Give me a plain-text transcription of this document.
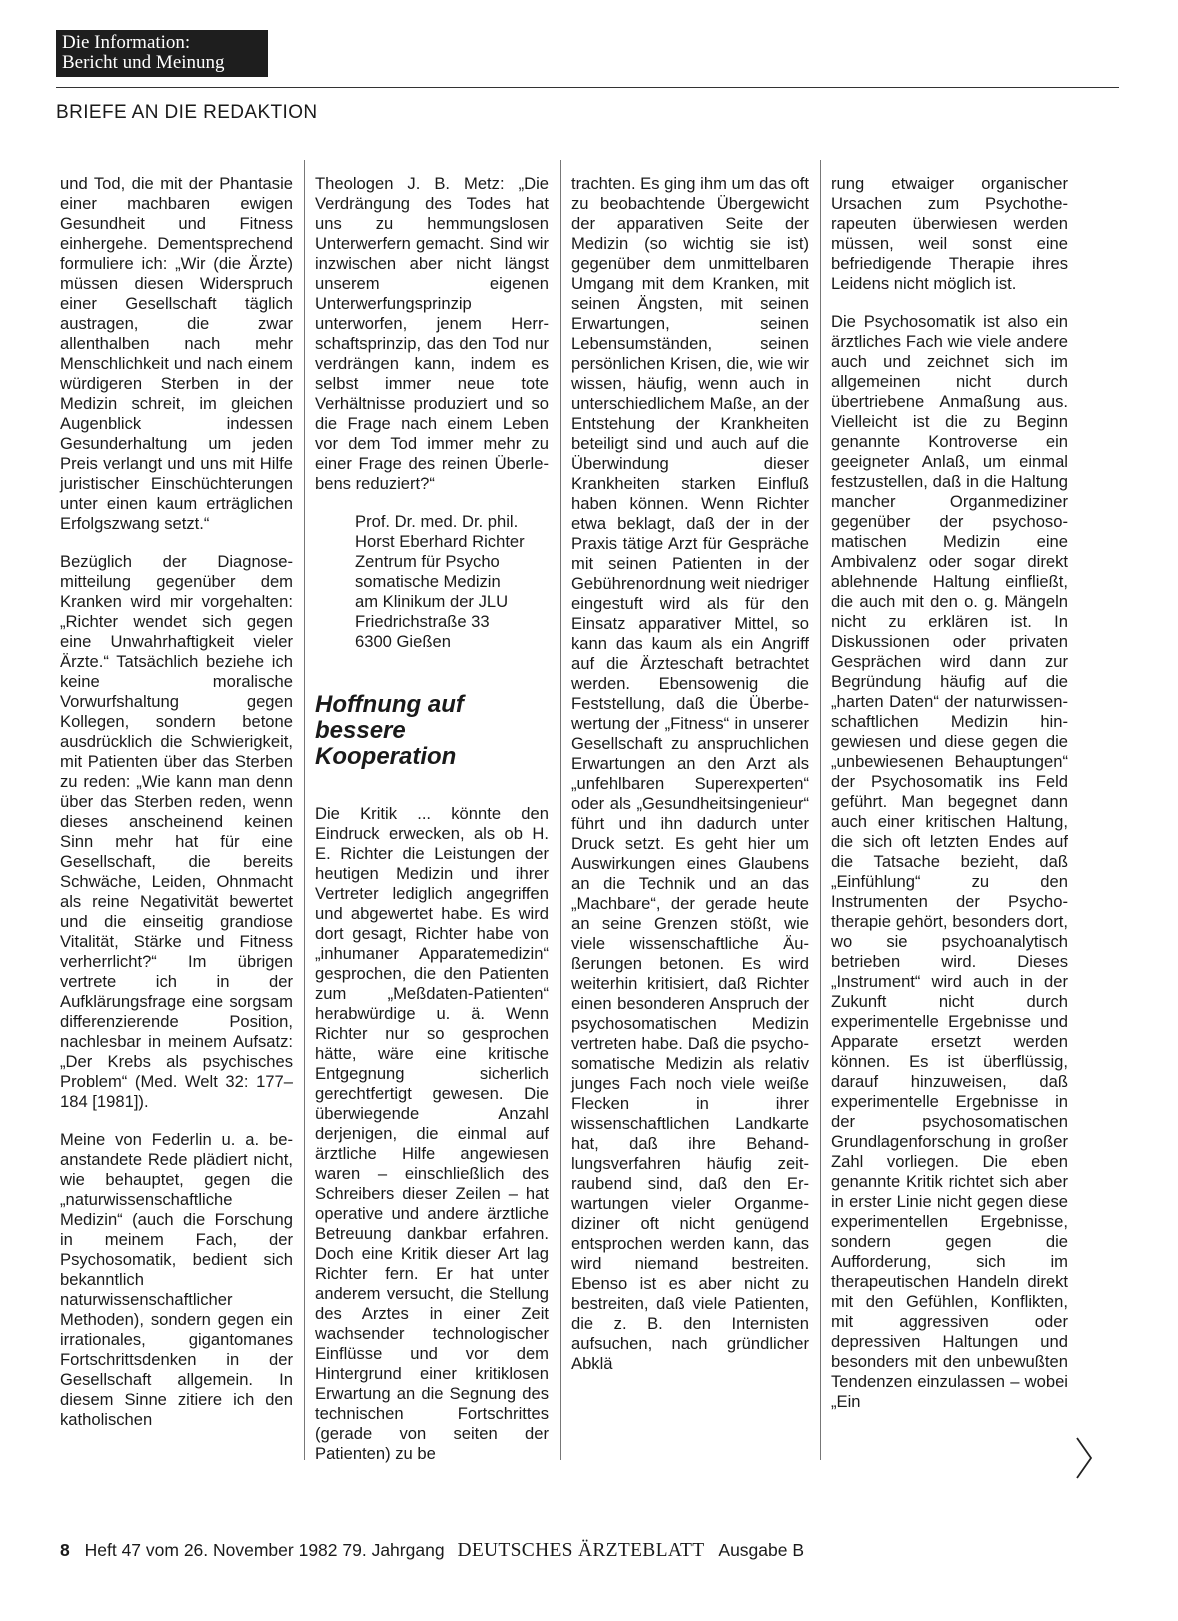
Die Information:
Bericht und Meinung
BRIEFE AN DIE REDAKTION

und Tod, die mit der Phantasie einer machbaren ewigen Gesundheit und Fitness einhergehe. Dementsprechend formuliere ich: „Wir (die Ärzte) müssen diesen Widerspruch einer Gesellschaft täglich austragen, die zwar allenthalben nach mehr Menschlichkeit und nach einem würdigeren Sterben in der Medizin schreit, im gleichen Augenblick indessen Gesunderhaltung um jeden Preis verlangt und uns mit Hilfe juristischer Einschüchterungen unter einen kaum erträglichen Erfolgszwang setzt.“

Bezüglich der Diagnosemitteilung gegenüber dem Kranken wird mir vorgehalten: „Richter wendet sich gegen eine Unwahrhaftigkeit vieler Ärzte.“ Tatsächlich beziehe ich keine moralische Vorwurfshaltung gegen Kollegen, sondern betone ausdrücklich die Schwierigkeit, mit Patienten über das Sterben zu reden: „Wie kann man denn über das Sterben reden, wenn dieses anscheinend keinen Sinn mehr hat für eine Gesellschaft, die bereits Schwäche, Leiden, Ohnmacht als reine Negativität bewertet und die einseitig grandiose Vitalität, Stärke und Fitness verherrlicht?“ Im übrigen vertrete ich in der Aufklärungsfrage eine sorgsam differenzierende Position, nachlesbar in meinem Aufsatz: „Der Krebs als psychisches Problem“ (Med. Welt 32: 177–184 [1981]).

Meine von Federlin u. a. beanstandete Rede plädiert nicht, wie behauptet, gegen die „naturwissenschaftliche Medizin“ (auch die Forschung in meinem Fach, der Psychosomatik, bedient sich bekanntlich naturwissenschaftlicher Methoden), sondern gegen ein irrationales, gigantomanes Fortschrittsdenken in der Gesellschaft allgemein. In diesem Sinne zitiere ich den katholischen

Theologen J. B. Metz: „Die Verdrängung des Todes hat uns zu hemmungslosen Unterwerfern gemacht. Sind wir inzwischen aber nicht längst unserem eigenen Unterwerfungsprinzip unterworfen, jenem Herrschaftsprinzip, das den Tod nur verdrängen kann, indem es selbst immer neue tote Verhältnisse produziert und so die Frage nach einem Leben vor dem Tod immer mehr zu einer Frage des reinen Überlebens reduziert?“

Prof. Dr. med. Dr. phil.
Horst Eberhard Richter
Zentrum für Psycho
somatische Medizin
am Klinikum der JLU
Friedrichstraße 33
6300 Gießen
Hoffnung auf
bessere
Kooperation

Die Kritik ... könnte den Eindruck erwecken, als ob H. E. Richter die Leistungen der heutigen Medizin und ihrer Vertreter lediglich angegriffen und abgewertet habe. Es wird dort gesagt, Richter habe von „inhumaner Apparatemedizin“ gesprochen, die den Patienten zum „Meßdaten-Patienten“ herabwürdige u. ä. Wenn Richter nur so gesprochen hätte, wäre eine kritische Entgegnung sicherlich gerechtfertigt gewesen. Die überwiegende Anzahl derjenigen, die einmal auf ärztliche Hilfe angewiesen waren – einschließlich des Schreibers dieser Zeilen – hat operative und andere ärztliche Betreuung dankbar erfahren. Doch eine Kritik dieser Art lag Richter fern. Er hat unter anderem versucht, die Stellung des Arztes in einer Zeit wachsender technologischer Einflüsse und vor dem Hintergrund einer kritiklosen Erwartung an die Segnung des technischen Fortschrittes (gerade von seiten der Patienten) zu be

trachten. Es ging ihm um das oft zu beobachtende Übergewicht der apparativen Seite der Medizin (so wichtig sie ist) gegenüber dem unmittelbaren Umgang mit dem Kranken, mit seinen Ängsten, mit seinen Erwartungen, seinen Lebensumständen, seinen persönlichen Krisen, die, wie wir wissen, häufig, wenn auch in unterschiedlichem Maße, an der Entstehung der Krankheiten beteiligt sind und auch auf die Überwindung dieser Krankheiten starken Einfluß haben können. Wenn Richter etwa beklagt, daß der in der Praxis tätige Arzt für Gespräche mit seinen Patienten in der Gebührenordnung weit niedriger eingestuft wird als für den Einsatz apparativer Mittel, so kann das kaum als ein Angriff auf die Ärzteschaft betrachtet werden. Ebensowenig die Feststellung, daß die Überbewertung der „Fitness“ in unserer Gesellschaft zu anspruchlichen Erwartungen an den Arzt als „unfehlbaren Superexperten“ oder als „Gesundheitsingenieur“ führt und ihn dadurch unter Druck setzt. Es geht hier um Auswirkungen eines Glaubens an die Technik und an das „Machbare“, der gerade heute an seine Grenzen stößt, wie viele wissenschaftliche Äußerungen betonen. Es wird weiterhin kritisiert, daß Richter einen besonderen Anspruch der psychosomatischen Medizin vertreten habe. Daß die psychosomatische Medizin als relativ junges Fach noch viele weiße Flecken in ihrer wissenschaftlichen Landkarte hat, daß ihre Behandlungsverfahren häufig zeitraubend sind, daß den Erwartungen vieler Organmediziner oft nicht genügend entsprochen werden kann, das wird niemand bestreiten. Ebenso ist es aber nicht zu bestreiten, daß viele Patienten, die z. B. den Internisten aufsuchen, nach gründlicher Abklä

rung etwaiger organischer Ursachen zum Psychotherapeuten überwiesen werden müssen, weil sonst eine befriedigende Therapie ihres Leidens nicht möglich ist.

Die Psychosomatik ist also ein ärztliches Fach wie viele andere auch und zeichnet sich im allgemeinen nicht durch übertriebene Anmaßung aus. Vielleicht ist die zu Beginn genannte Kontroverse ein geeigneter Anlaß, um einmal festzustellen, daß in die Haltung mancher Organmediziner gegenüber der psychosomatischen Medizin eine Ambivalenz oder sogar direkt ablehnende Haltung einfließt, die auch mit den o. g. Mängeln nicht zu erklären ist. In Diskussionen oder privaten Gesprächen wird dann zur Begründung häufig auf die „harten Daten“ der naturwissenschaftlichen Medizin hingewiesen und diese gegen die „unbewiesenen Behauptungen“ der Psychosomatik ins Feld geführt. Man begegnet dann auch einer kritischen Haltung, die sich oft letzten Endes auf die Tatsache bezieht, daß „Einfühlung“ zu den Instrumenten der Psychotherapie gehört, besonders dort, wo sie psychoanalytisch betrieben wird. Dieses „Instrument“ wird auch in der Zukunft nicht durch experimentelle Ergebnisse und Apparate ersetzt werden können. Es ist überflüssig, darauf hinzuweisen, daß experimentelle Ergebnisse in der psychosomatischen Grundlagenforschung in großer Zahl vorliegen. Die eben genannte Kritik richtet sich aber in erster Linie nicht gegen diese experimentellen Ergebnisse, sondern gegen die Aufforderung, sich im therapeutischen Handeln direkt mit den Gefühlen, Konflikten, mit aggressiven oder depressiven Haltungen und besonders mit den unbewußten Tendenzen einzulassen – wobei „Ein

8 Heft 47 vom 26. November 1982 79. Jahrgang DEUTSCHES ÄRZTEBLATT Ausgabe B
